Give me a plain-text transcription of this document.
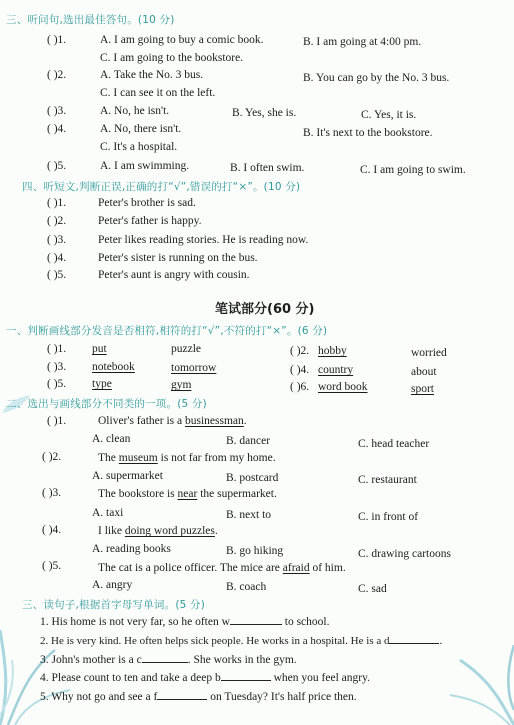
三、听问句,选出最佳答句。(10 分)
( )1.	A. I am going to buy a comic book.	B. I am going at 4:00 pm.
C. I am going to the bookstore.
( )2.	A. Take the No. 3 bus.	B. You can go by the No. 3 bus.
C. I can see it on the left.
( )3.	A. No, he isn't.	B. Yes, she is.	C. Yes, it is.
( )4.	A. No, there isn't.	B. It's next to the bookstore.
C. It's a hospital.
( )5.	A. I am swimming.	B. I often swim.	C. I am going to swim.
四、听短文,判断正误,正确的打“√”,错误的打“×”。(10 分)
( )1.	Peter's brother is sad.
( )2.	Peter's father is happy.
( )3.	Peter likes reading stories. He is reading now.
( )4.	Peter's sister is running on the bus.
( )5.	Peter's aunt is angry with cousin.
笔试部分(60 分)
一、判断画线部分发音是否相符,相符的打“√”,不符的打“×”。(6 分)
( )1. put	puzzle	( )2. hobby	worried
( )3. notebook	tomorrow	( )4. country	about
( )5. type	gym	( )6. word book	sport
二、选出与画线部分不同类的一项。(5 分)
( )1.	Oliver's father is a businessman.
A. clean	B. dancer	C. head teacher
( )2.	The museum is not far from my home.
A. supermarket	B. postcard	C. restaurant
( )3.	The bookstore is near the supermarket.
A. taxi	B. next to	C. in front of
( )4.	I like doing word puzzles.
A. reading books	B. go hiking	C. drawing cartoons
( )5.	The cat is a police officer. The mice are afraid of him.
A. angry	B. coach	C. sad
三、读句子,根据首字母写单词。(5 分)
1. His home is not very far, so he often w	to school.
2. He is very kind. He often helps sick people. He works in a hospital. He is a d	.
3. John's mother is a c	. She works in the gym.
4. Please count to ten and take a deep b	when you feel angry.
5. Why not go and see a f	on Tuesday? It's half price then.
